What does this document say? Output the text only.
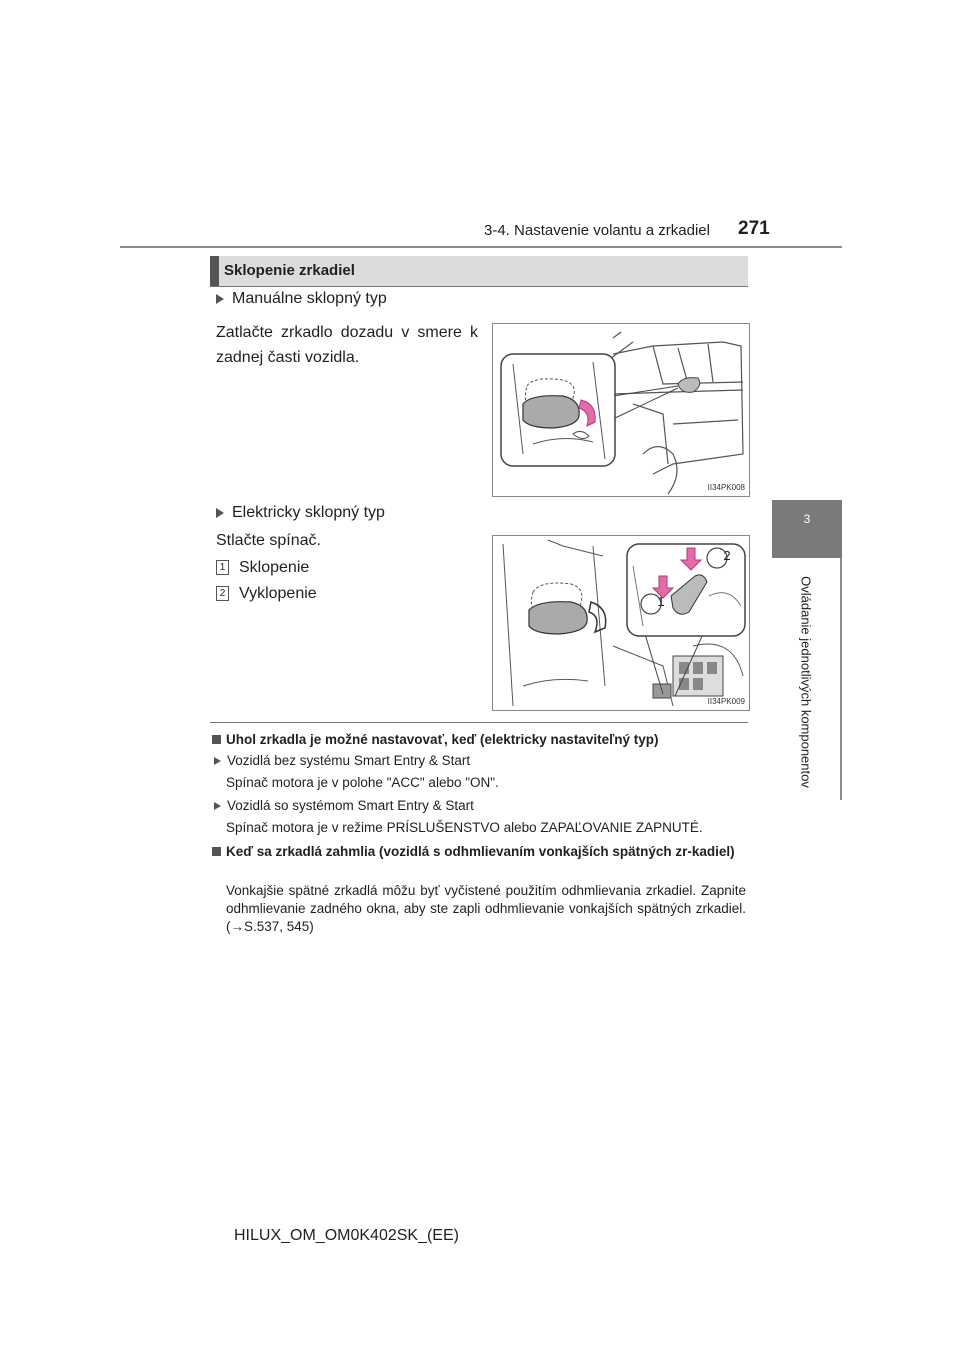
3-4. Nastavenie volantu a zrkadiel 271
3
Ovládanie jednotlivých komponentov
Sklopenie zrkadiel
Manuálne sklopný typ
Zatlačte zrkadlo dozadu v smere k zadnej časti vozidla.
II34PK008
Elektricky sklopný typ
Stlačte spínač.
1 Sklopenie
2 Vyklopenie
2
1
II34PK009
Uhol zrkadla je možné nastavovať, keď (elektricky nastaviteľný typ)
Vozidlá bez systému Smart Entry & Start
Spínač motora je v polohe "ACC" alebo "ON".
Vozidlá so systémom Smart Entry & Start
Spínač motora je v režime PRÍSLUŠENSTVO alebo ZAPAĽOVANIE ZAPNUTÉ.
Keď sa zrkadlá zahmlia (vozidlá s odhmlievaním vonkajších spätných zr-kadiel)
Vonkajšie spätné zrkadlá môžu byť vyčistené použitím odhmlievania zrkadiel. Zapnite odhmlievanie zadného okna, aby ste zapli odhmlievanie vonkajších spätných zrkadiel. (→S.537, 545)
HILUX_OM_OM0K402SK_(EE)
